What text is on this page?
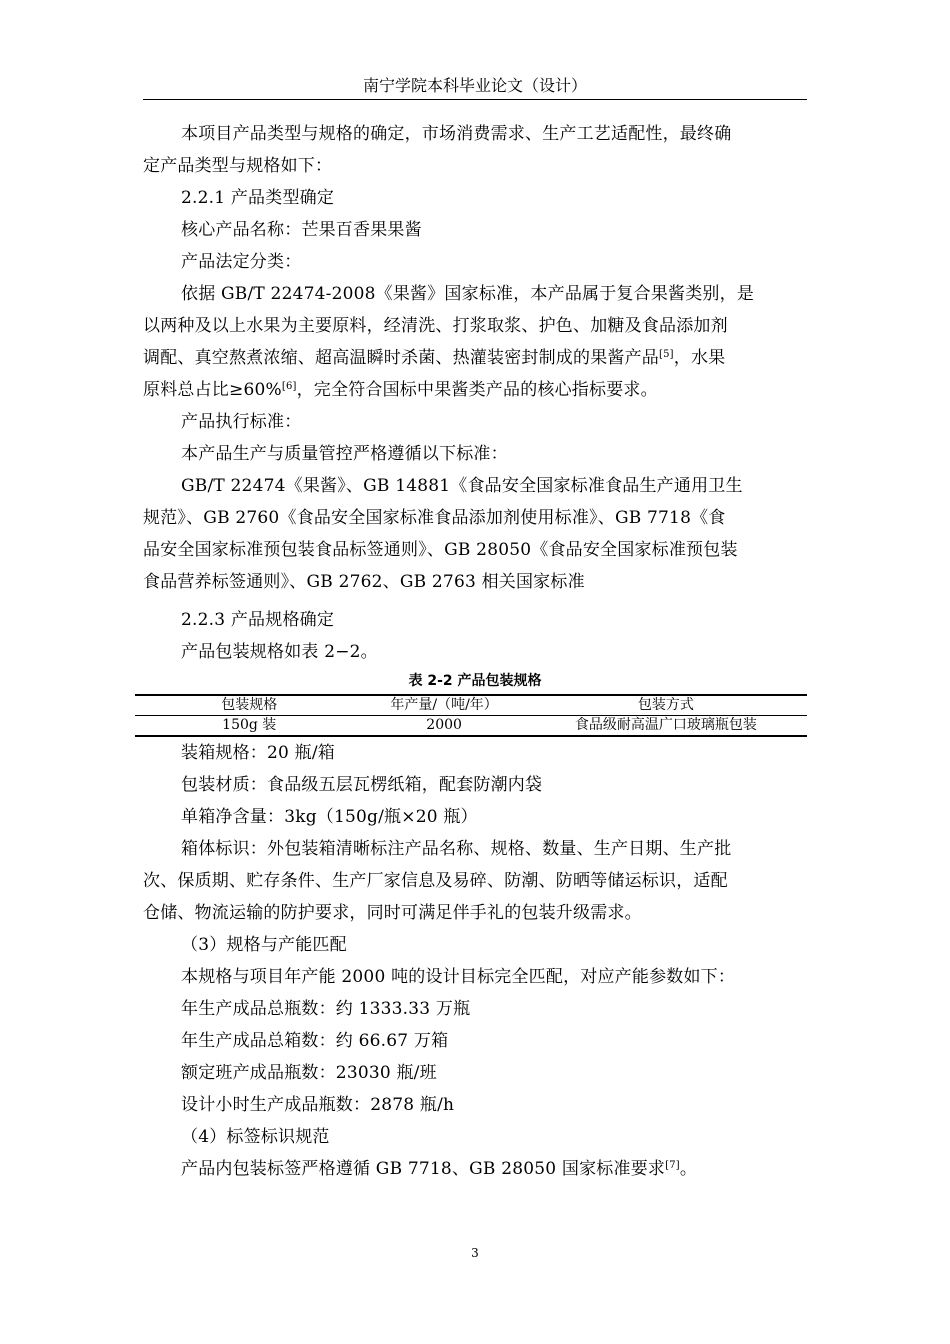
南宁学院本科毕业论文（设计）

本项目产品类型与规格的确定，市场消费需求、生产工艺适配性，最终确
定产品类型与规格如下：

2.2.1 产品类型确定

核心产品名称：芒果百香果果酱

产品法定分类：

依据 GB/T 22474-2008《果酱》国家标准，本产品属于复合果酱类别，是
以两种及以上水果为主要原料，经清洗、打浆取浆、护色、加糖及食品添加剂
调配、真空熬煮浓缩、超高温瞬时杀菌、热灌装密封制成的果酱产品[5]，水果
原料总占比≥60%[6]，完全符合国标中果酱类产品的核心指标要求。

产品执行标准：

本产品生产与质量管控严格遵循以下标准：

GB/T 22474《果酱》、GB 14881《食品安全国家标准食品生产通用卫生
规范》、GB 2760《食品安全国家标准食品添加剂使用标准》、GB 7718《食
品安全国家标准预包装食品标签通则》、GB 28050《食品安全国家标准预包装
食品营养标签通则》、GB 2762、GB 2763 相关国家标准

2.2.3 产品规格确定

产品包装规格如表 2−2。

表 2-2 产品包装规格
包装规格	年产量/（吨/年）	包装方式
150g 装	2000	食品级耐高温广口玻璃瓶包装

装箱规格：20 瓶/箱

包装材质：食品级五层瓦楞纸箱，配套防潮内袋

单箱净含量：3kg（150g/瓶×20 瓶）

箱体标识：外包装箱清晰标注产品名称、规格、数量、生产日期、生产批
次、保质期、贮存条件、生产厂家信息及易碎、防潮、防晒等储运标识，适配
仓储、物流运输的防护要求，同时可满足伴手礼的包装升级需求。

（3）规格与产能匹配

本规格与项目年产能 2000 吨的设计目标完全匹配，对应产能参数如下：

年生产成品总瓶数：约 1333.33 万瓶

年生产成品总箱数：约 66.67 万箱

额定班产成品瓶数：23030 瓶/班

设计小时生产成品瓶数：2878 瓶/h

（4）标签标识规范

产品内包装标签严格遵循 GB 7718、GB 28050 国家标准要求[7]。

3
